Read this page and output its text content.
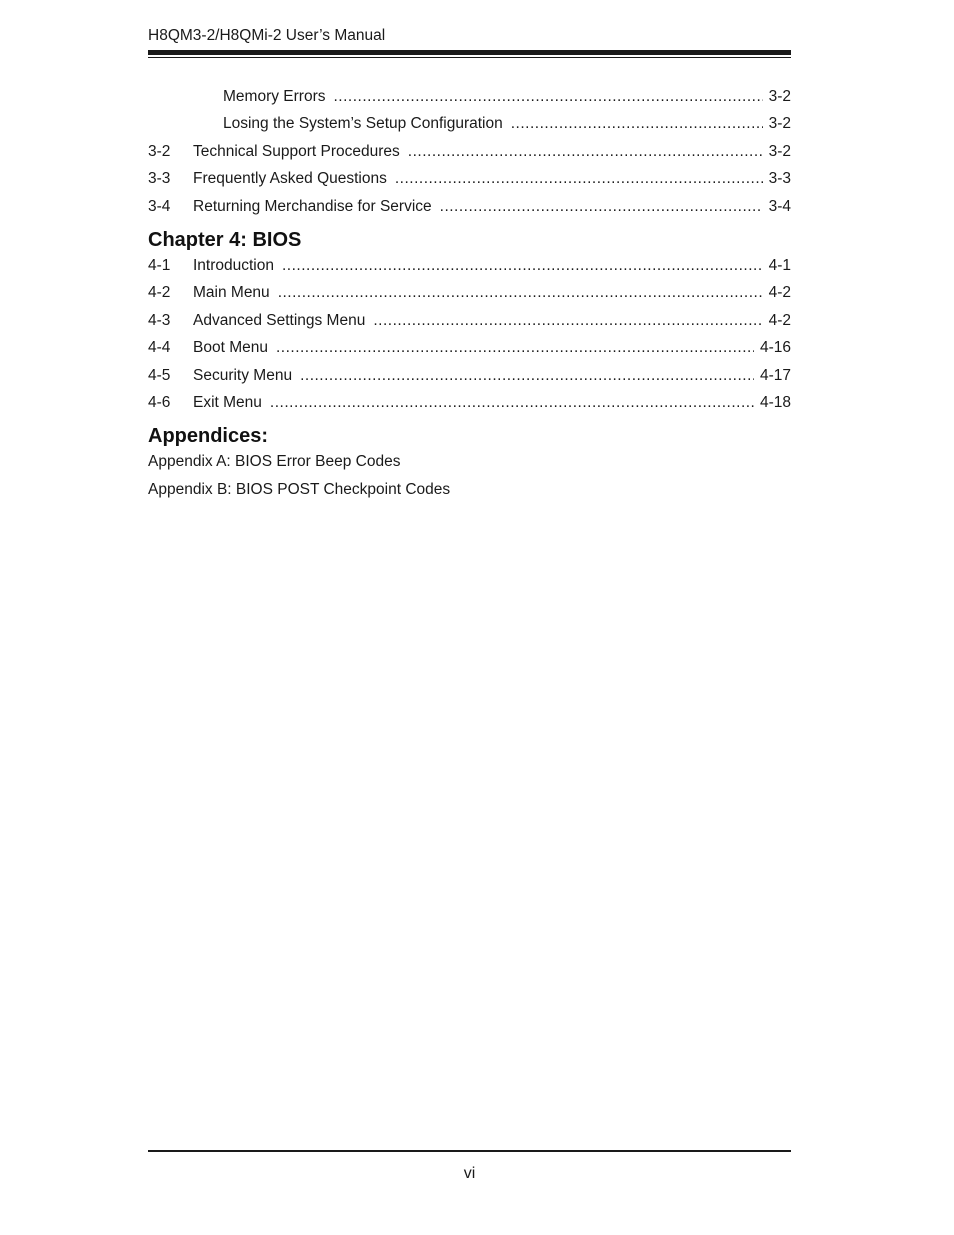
H8QM3-2/H8QMi-2 User’s Manual
Memory Errors .....	3-2
Losing the System’s Setup Configuration .....	3-2
3-2	Technical Support Procedures .....	3-2
3-3	Frequently Asked Questions .....	3-3
3-4	Returning Merchandise for Service .....	3-4
Chapter 4: BIOS
4-1	Introduction .....	4-1
4-2	Main Menu .....	4-2
4-3	Advanced Settings Menu .....	4-2
4-4	Boot Menu .....	4-16
4-5	Security Menu .....	4-17
4-6	Exit Menu .....	4-18
Appendices:
Appendix A: BIOS Error Beep Codes
Appendix B: BIOS POST Checkpoint Codes
vi
